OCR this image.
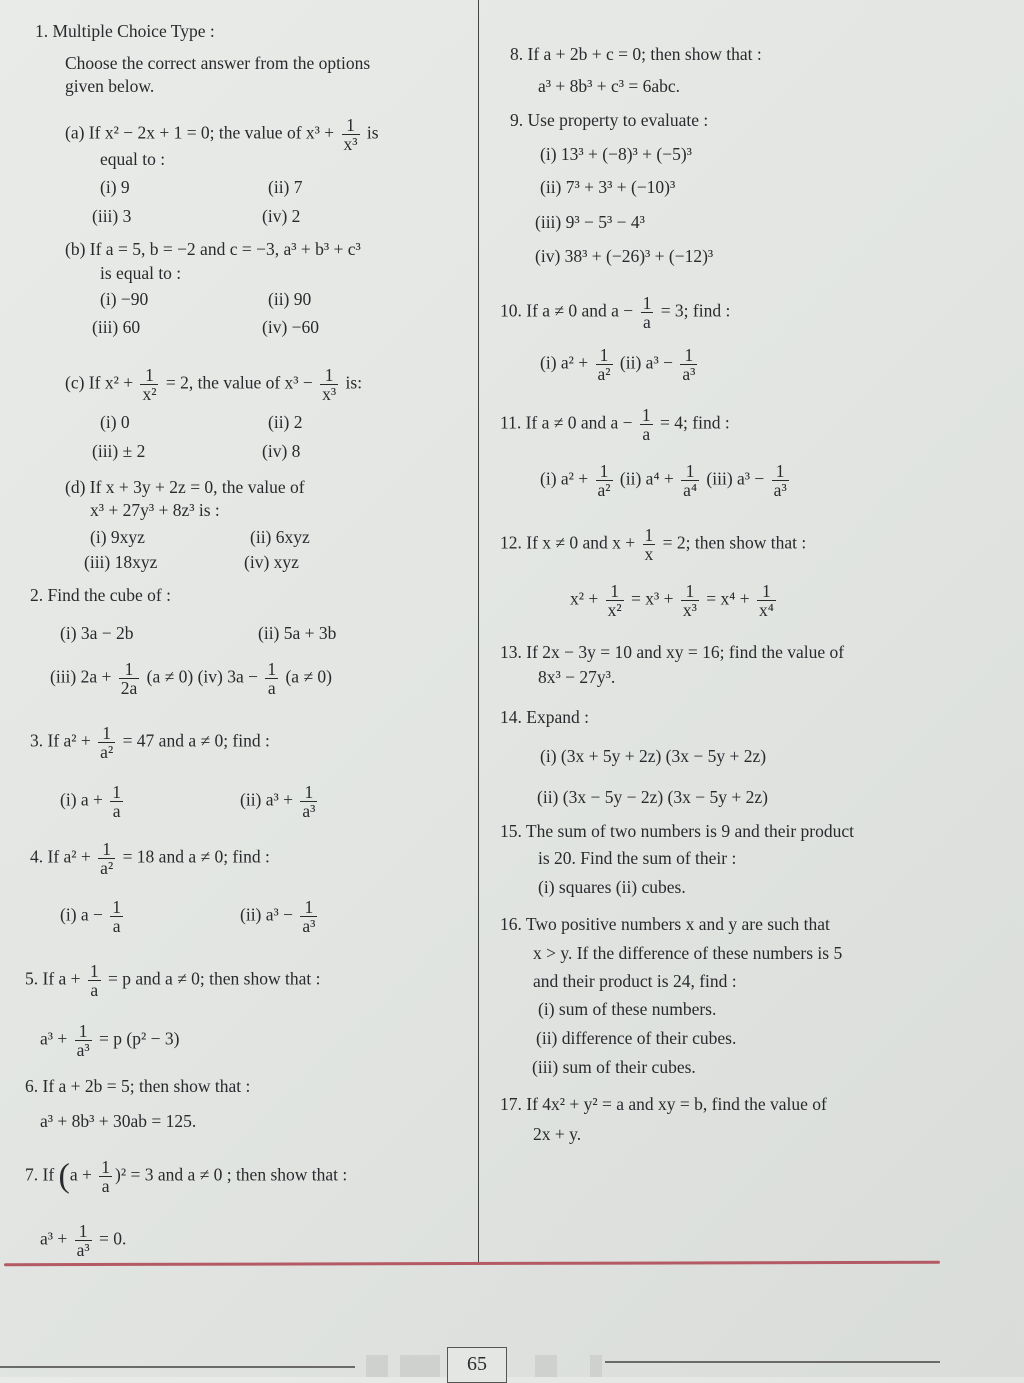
1. Multiple Choice Type :
Choose the correct answer from the options
given below.
(a) If x² − 2x + 1 = 0; the value of $x^3 + \frac{1}{\text{x³}}$ is
equal to :
(i) 9	(ii) 7
(iii) 3	(iv) 2
(b) If a = 5, b = −2 and c = −3, a³ + b³ + c³
is equal to :
(i) −90	(ii) 90
(iii) 60	(iv) −60
(c) If $x^2 + \frac{1}{\text{x²}} = 2$, the value of $x^3 - \frac{1}{\text{x³}}$ is:
(i) 0	(ii) 2
(iii) ± 2	(iv) 8
(d) If x + 3y + 2z = 0, the value of
x³ + 27y³ + 8z³ is :
(i) 9xyz	(ii) 6xyz
(iii) 18xyz	(iv) xyz
2. Find the cube of :
(i) 3a − 2b	(ii) 5a + 3b
(iii) $2a + \frac{1}{2a} (a \ne 0)$ (iv) $3a - \frac{1}{a} (a \ne 0)$
3. If $a^2 + \frac{1}{\text{a²}} = 47$ and a ≠ 0; find :
(i) $a + \frac{1}{a}$	(ii) $a^3 + \frac{1}{\text{a³}}$
4. If $a^2 + \frac{1}{\text{a²}} = 18$ and a ≠ 0; find :
(i) $a - \frac{1}{a}$	(ii) $a^3 - \frac{1}{\text{a³}}$
5. If $a + \frac{1}{a} = p$ and a ≠ 0; then show that :
$a^3 + \frac{1}{\text{a³}} = p$ (p² − 3)
6. If a + 2b = 5; then show that :
a³ + 8b³ + 30ab = 125.
7. If $(a + \frac{1}{a} )^2 = 3$ and a ≠ 0 ; then show that :
$a^3 + \frac{1}{\text{a³}} = 0$.
8. If a + 2b + c = 0; then show that :
a³ + 8b³ + c³ = 6abc.
9. Use property to evaluate :
(i) 13³ + (−8)³ + (−5)³
(ii) 7³ + 3³ + (−10)³
(iii) 9³ − 5³ − 4³
(iv) 38³ + (−26)³ + (−12)³
10. If a ≠ 0 and $a - \frac{1}{a} = 3$; find :
(i) $a^2 + \frac{1}{\text{a²}} (ii) a^3 - \frac{1}{\text{a³}}$
11. If a ≠ 0 and $a - \frac{1}{a} = 4$; find :
(i) $a^2 + \frac{1}{\text{a²}} (ii) a^4 + \frac{1}{\text{a⁴}} (iii) a^3 - \frac{1}{\text{a³}}$
12. If x ≠ 0 and $x + \frac{1}{x} = 2$; then show that :
$x^2 + \frac{1}{\text{x²}} = x^3 + \frac{1}{\text{x³}} = x^4 + \frac{1}{\text{x⁴}}$
13. If 2x − 3y = 10 and xy = 16; find the value of
8x³ − 27y³.
14. Expand :
(i) (3x + 5y + 2z) (3x − 5y + 2z)
(ii) (3x − 5y − 2z) (3x − 5y + 2z)
15. The sum of two numbers is 9 and their product
is 20. Find the sum of their :
(i) squares (ii) cubes.
16. Two positive numbers x and y are such that
x > y. If the difference of these numbers is 5
and their product is 24, find :
(i) sum of these numbers.
(ii) difference of their cubes.
(iii) sum of their cubes.
17. If 4x² + y² = a and xy = b, find the value of
2x + y.
65
